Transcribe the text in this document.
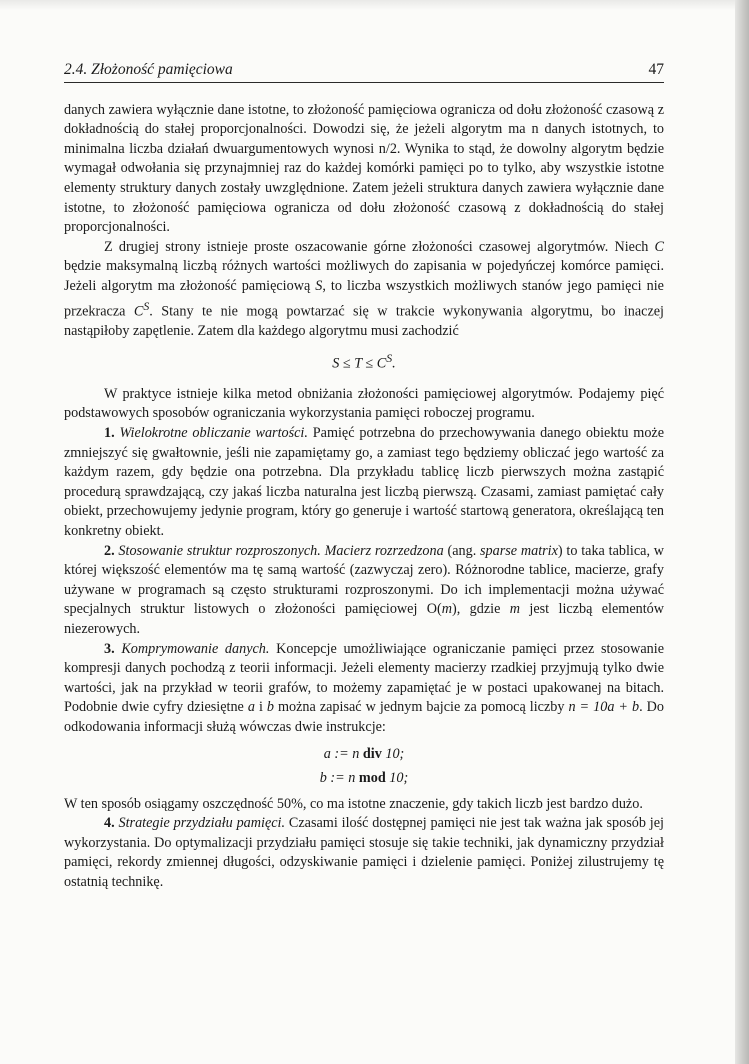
2.4. Złożoność pamięciowa	47

danych zawiera wyłącznie dane istotne, to złożoność pamięciowa ogranicza od dołu złożoność czasową z dokładnością do stałej proporcjonalności. Dowodzi się, że jeżeli algorytm ma n danych istotnych, to minimalna liczba działań dwuargumentowych wynosi n/2. Wynika to stąd, że dowolny algorytm będzie wymagał odwołania się przynajmniej raz do każdej komórki pamięci po to tylko, aby wszystkie istotne elementy struktury danych zostały uwzględnione. Zatem jeżeli struktura danych zawiera wyłącznie dane istotne, to złożoność pamięciowa ogranicza od dołu złożoność czasową z dokładnością do stałej proporcjonalności.

Z drugiej strony istnieje proste oszacowanie górne złożoności czasowej algorytmów. Niech C będzie maksymalną liczbą różnych wartości możliwych do zapisania w pojedyńczej komórce pamięci. Jeżeli algorytm ma złożoność pamięciową S, to liczba wszystkich możliwych stanów jego pamięci nie przekracza $C^S$. Stany te nie mogą powtarzać się w trakcie wykonywania algorytmu, bo inaczej nastąpiłoby zapętlenie. Zatem dla każdego algorytmu musi zachodzić

$S \le T \le C^S$.

W praktyce istnieje kilka metod obniżania złożoności pamięciowej algorytmów. Podajemy pięć podstawowych sposobów ograniczania wykorzystania pamięci roboczej programu.

1. Wielokrotne obliczanie wartości. Pamięć potrzebna do przechowywania danego obiektu może zmniejszyć się gwałtownie, jeśli nie zapamiętamy go, a zamiast tego będziemy obliczać jego wartość za każdym razem, gdy będzie ona potrzebna. Dla przykładu tablicę liczb pierwszych można zastąpić procedurą sprawdzającą, czy jakaś liczba naturalna jest liczbą pierwszą. Czasami, zamiast pamiętać cały obiekt, przechowujemy jedynie program, który go generuje i wartość startową generatora, określającą ten konkretny obiekt.

2. Stosowanie struktur rozproszonych. Macierz rozrzedzona (ang. sparse matrix) to taka tablica, w której większość elementów ma tę samą wartość (zazwyczaj zero). Różnorodne tablice, macierze, grafy używane w programach są często strukturami rozproszonymi. Do ich implementacji można używać specjalnych struktur listowych o złożoności pamięciowej O(m), gdzie m jest liczbą elementów niezerowych.

3. Komprymowanie danych. Koncepcje umożliwiające ograniczanie pamięci przez stosowanie kompresji danych pochodzą z teorii informacji. Jeżeli elementy macierzy rzadkiej przyjmują tylko dwie wartości, jak na przykład w teorii grafów, to możemy zapamiętać je w postaci upakowanej na bitach. Podobnie dwie cyfry dziesiętne a i b można zapisać w jednym bajcie za pomocą liczby n = 10a + b. Do odkodowania informacji służą wówczas dwie instrukcje:

a := n div 10;
b := n mod 10;

W ten sposób osiągamy oszczędność 50%, co ma istotne znaczenie, gdy takich liczb jest bardzo dużo.

4. Strategie przydziału pamięci. Czasami ilość dostępnej pamięci nie jest tak ważna jak sposób jej wykorzystania. Do optymalizacji przydziału pamięci stosuje się takie techniki, jak dynamiczny przydział pamięci, rekordy zmiennej długości, odzyskiwanie pamięci i dzielenie pamięci. Poniżej zilustrujemy tę ostatnią technikę.
